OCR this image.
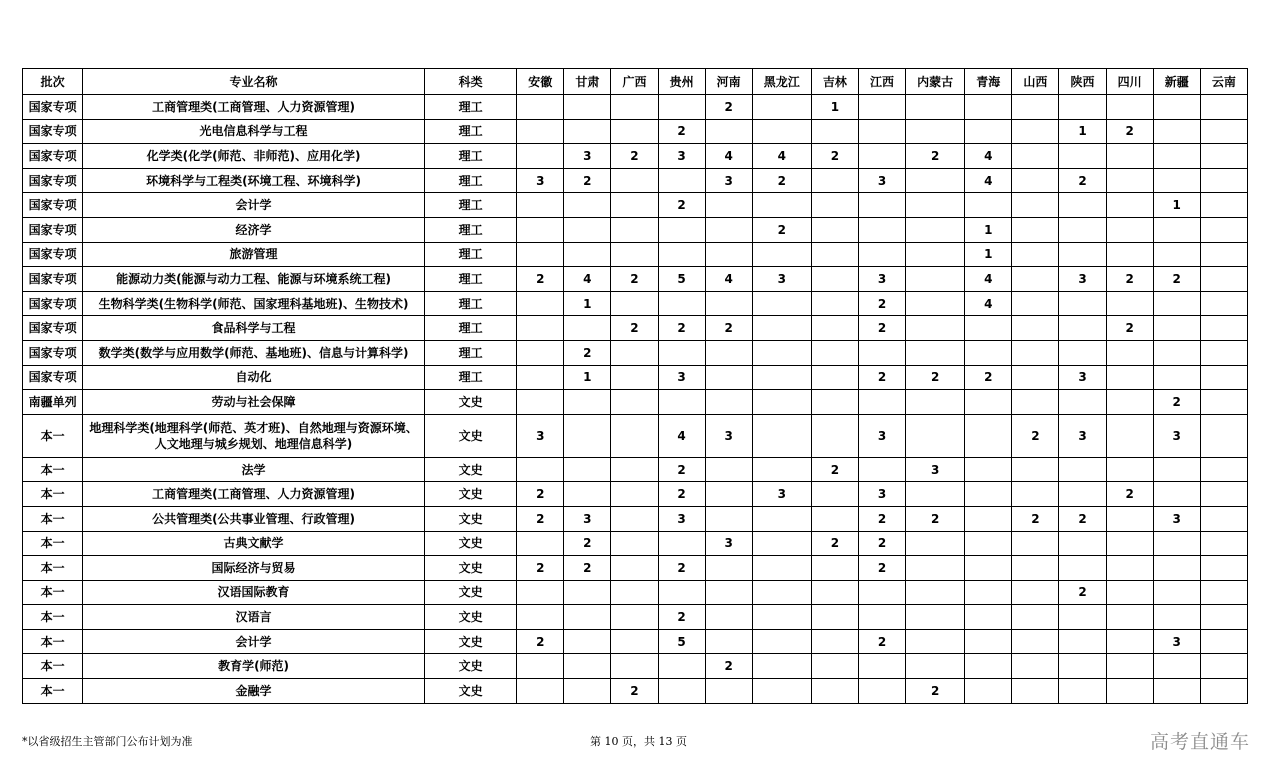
批次	专业名称	科类	安徽	甘肃	广西	贵州	河南	黑龙江	吉林	江西	内蒙古	青海	山西	陕西	四川	新疆	云南
国家专项	工商管理类(工商管理、人力资源管理)	理工					2		1								
国家专项	光电信息科学与工程	理工				2								1	2		
国家专项	化学类(化学(师范、非师范)、应用化学)	理工		3	2	3	4	4	2		2	4					
国家专项	环境科学与工程类(环境工程、环境科学)	理工	3	2			3	2		3		4		2			
国家专项	会计学	理工				2										1	
国家专项	经济学	理工						2				1					
国家专项	旅游管理	理工										1					
国家专项	能源动力类(能源与动力工程、能源与环境系统工程)	理工	2	4	2	5	4	3		3		4		3	2	2	
国家专项	生物科学类(生物科学(师范、国家理科基地班)、生物技术)	理工		1						2		4					
国家专项	食品科学与工程	理工			2	2	2			2					2		
国家专项	数学类(数学与应用数学(师范、基地班)、信息与计算科学)	理工		2													
国家专项	自动化	理工		1		3				2	2	2		3			
南疆单列	劳动与社会保障	文史														2	
本一	地理科学类(地理科学(师范、英才班)、自然地理与资源环境、人文地理与城乡规划、地理信息科学)	文史	3			4	3			3			2	3		3	
本一	法学	文史				2			2		3						
本一	工商管理类(工商管理、人力资源管理)	文史	2			2		3		3					2		
本一	公共管理类(公共事业管理、行政管理)	文史	2	3		3				2	2		2	2		3	
本一	古典文献学	文史		2			3		2	2							
本一	国际经济与贸易	文史	2	2		2				2							
本一	汉语国际教育	文史												2			
本一	汉语言	文史				2											
本一	会计学	文史	2			5				2						3	
本一	教育学(师范)	文史					2										
本一	金融学	文史			2						2						
*以省级招生主管部门公布计划为准	第 10 页，共 13 页	高考直通车
